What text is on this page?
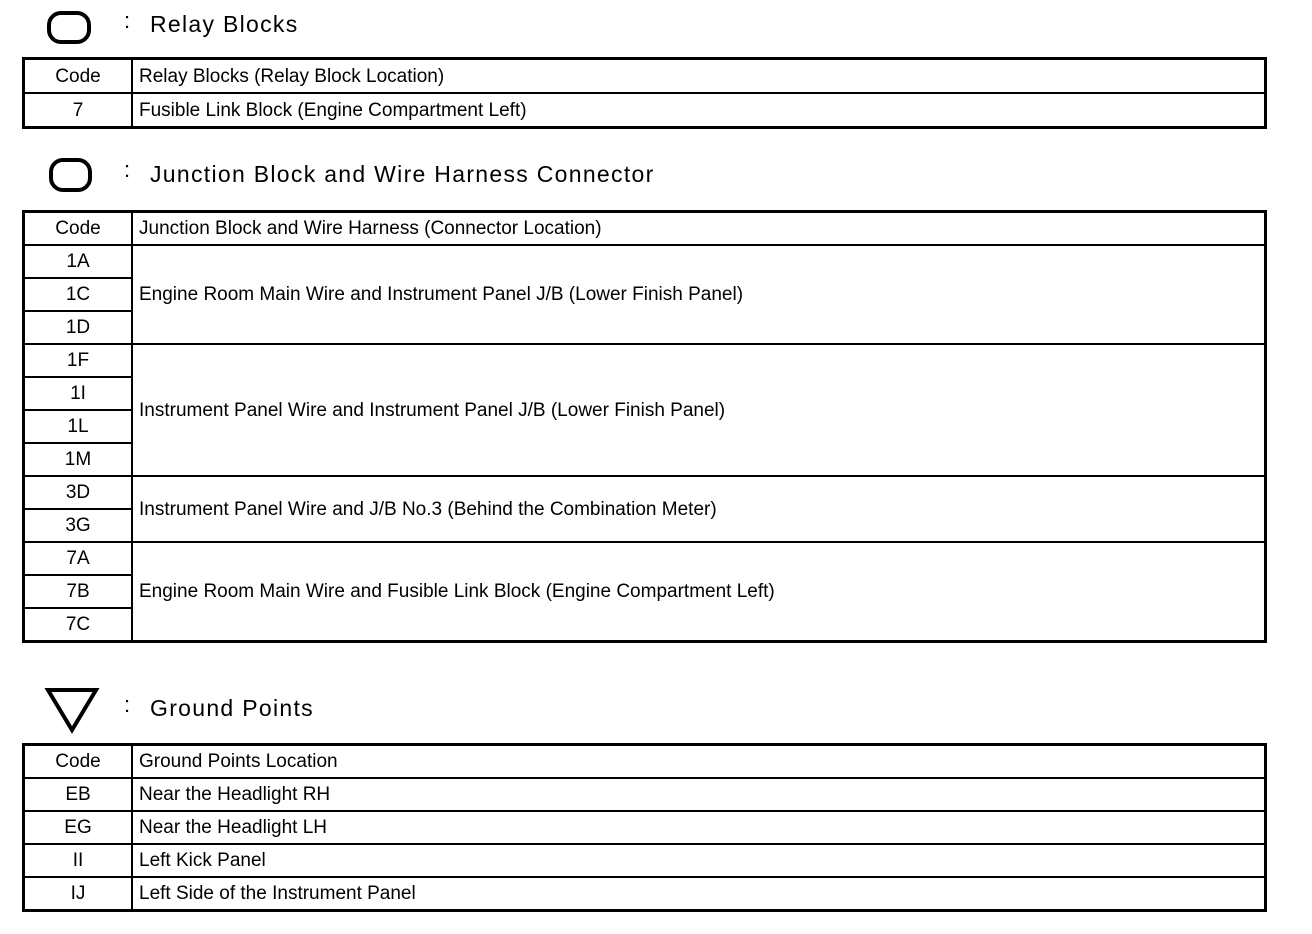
: Relay Blocks
Code	Relay Blocks (Relay Block Location)
7	Fusible Link Block (Engine Compartment Left)
: Junction Block and Wire Harness Connector
Code	Junction Block and Wire Harness (Connector Location)
1A	Engine Room Main Wire and Instrument Panel J/B (Lower Finish Panel)
1C	
1D	
1F	Instrument Panel Wire and Instrument Panel J/B (Lower Finish Panel)
1I	
1L	
1M	
3D	Instrument Panel Wire and J/B No.3 (Behind the Combination Meter)
3G	
7A	Engine Room Main Wire and Fusible Link Block (Engine Compartment Left)
7B	
7C	
: Ground Points
Code	Ground Points Location
EB	Near the Headlight RH
EG	Near the Headlight LH
II	Left Kick Panel
IJ	Left Side of the Instrument Panel
